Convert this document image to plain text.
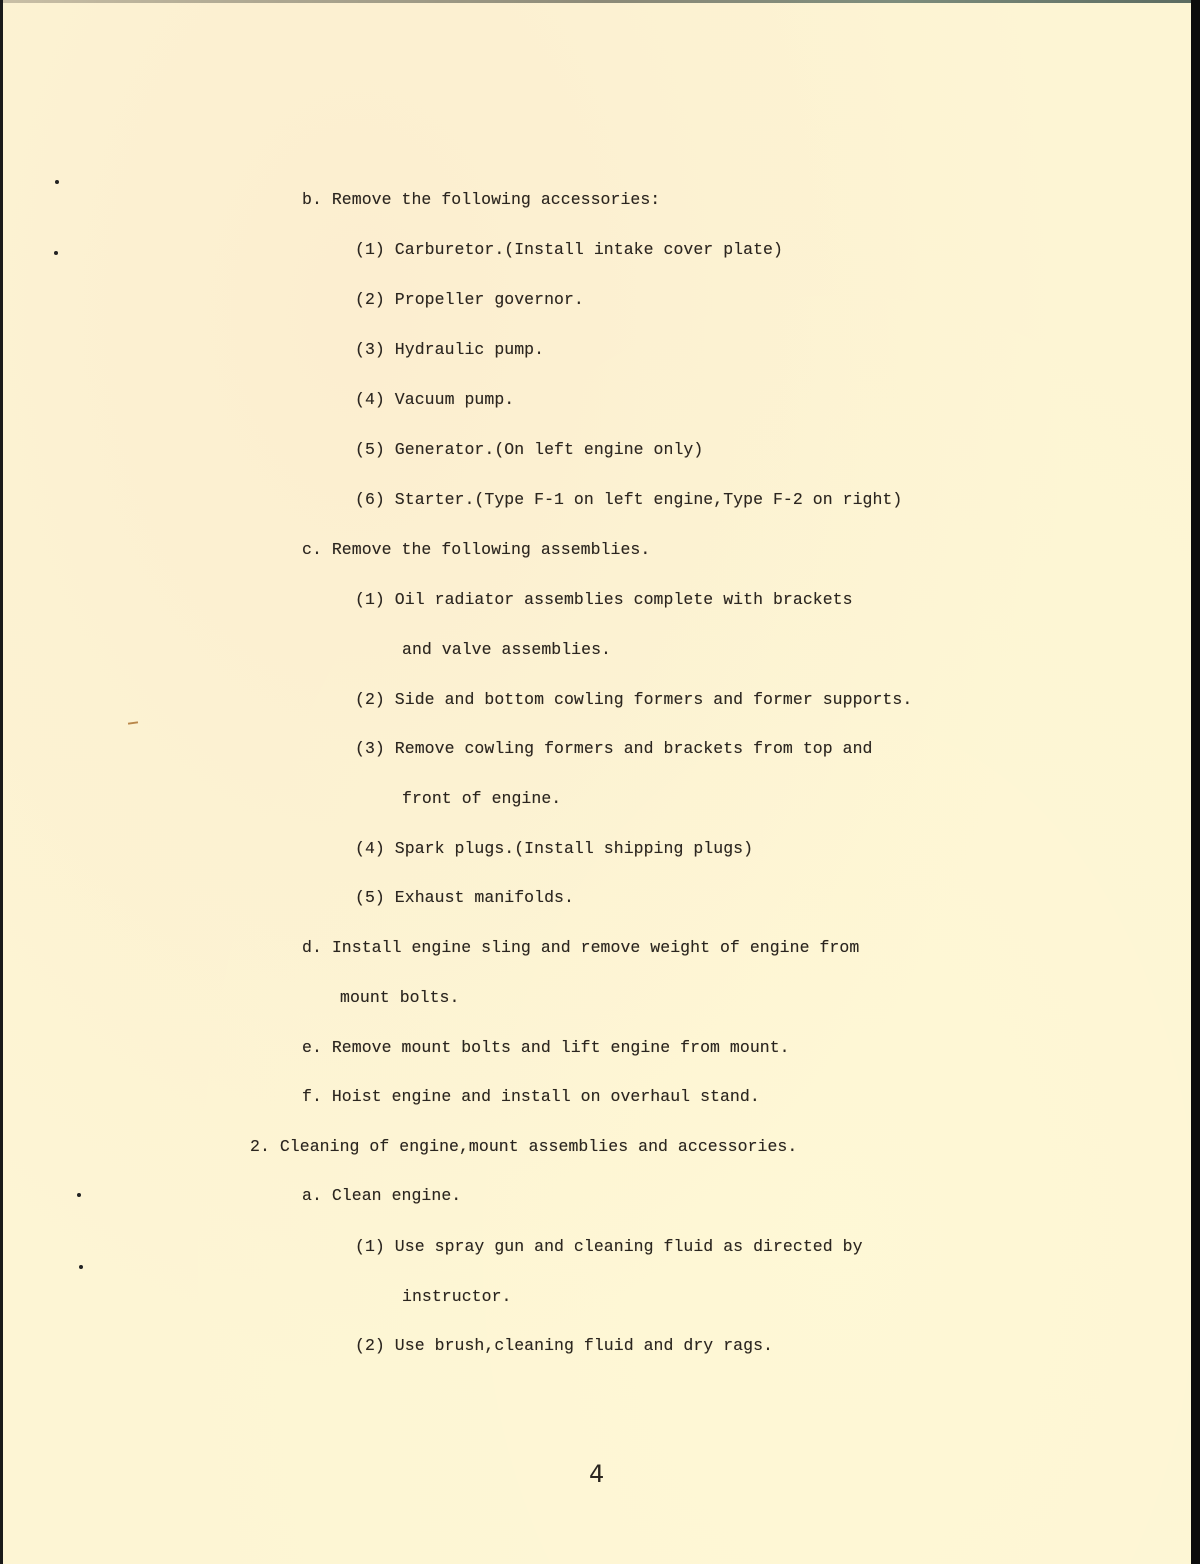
b. Remove the following accessories:
(1) Carburetor.(Install intake cover plate)
(2) Propeller governor.
(3) Hydraulic pump.
(4) Vacuum pump.
(5) Generator.(On left engine only)
(6) Starter.(Type F-1 on left engine,Type F-2 on right)
c. Remove the following assemblies.
(1) Oil radiator assemblies complete with brackets
and valve assemblies.
(2) Side and bottom cowling formers and former supports.
(3) Remove cowling formers and brackets from top and
front of engine.
(4) Spark plugs.(Install shipping plugs)
(5) Exhaust manifolds.
d. Install engine sling and remove weight of engine from
mount bolts.
e. Remove mount bolts and lift engine from mount.
f. Hoist engine and install on overhaul stand.
2. Cleaning of engine,mount assemblies and accessories.
a. Clean engine.
(1) Use spray gun and cleaning fluid as directed by
instructor.
(2) Use brush,cleaning fluid and dry rags.
4
